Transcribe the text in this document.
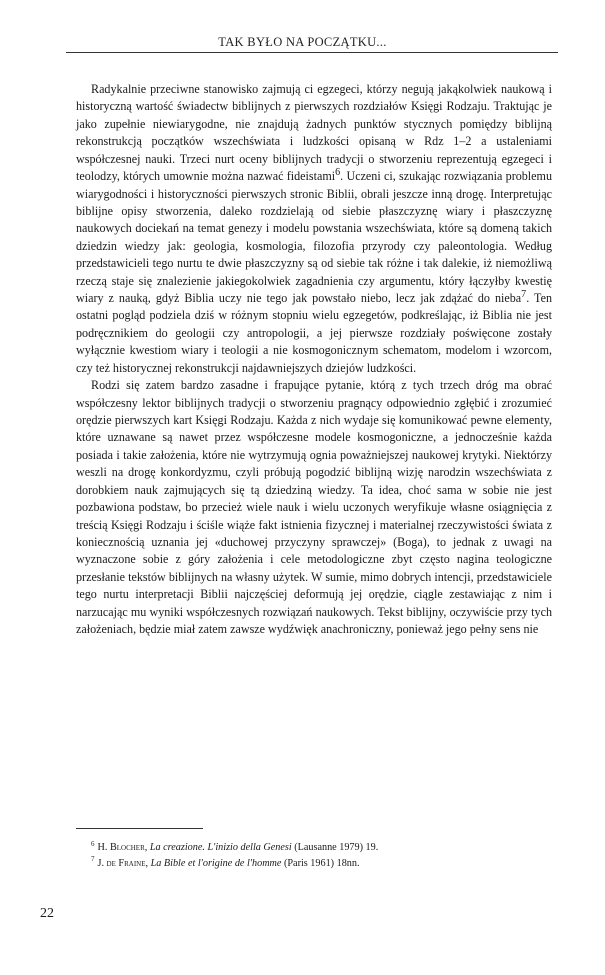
TAK BYŁO NA POCZĄTKU...

Radykalnie przeciwne stanowisko zajmują ci egzegeci, którzy negują jakąkolwiek naukową i historyczną wartość świadectw biblijnych z pierwszych rozdziałów Księgi Rodzaju. Traktując je jako zupełnie niewiarygodne, nie znajdują żadnych punktów stycznych pomiędzy biblijną rekonstrukcją początków wszechświata i ludzkości opisaną w Rdz 1–2 a ustaleniami współczesnej nauki. Trzeci nurt oceny biblijnych tradycji o stworzeniu reprezentują egzegeci i teolodzy, których umownie można nazwać fideistami$^6$. Uczeni ci, szukając rozwiązania problemu wiarygodności i historyczności pierwszych stronic Biblii, obrali jeszcze inną drogę. Interpretując biblijne opisy stworzenia, daleko rozdzielają od siebie płaszczyznę wiary i płaszczyznę naukowych dociekań na temat genezy i modelu powstania wszechświata, które są domeną takich dziedzin wiedzy jak: geologia, kosmologia, filozofia przyrody czy paleontologia. Według przedstawicieli tego nurtu te dwie płaszczyzny są od siebie tak różne i tak dalekie, iż niemożliwą rzeczą staje się znalezienie jakiegokolwiek zagadnienia czy argumentu, który łączyłby kwestię wiary z nauką, gdyż Biblia uczy nie tego jak powstało niebo, lecz jak zdążać do nieba$^7$. Ten ostatni pogląd podziela dziś w różnym stopniu wielu egzegetów, podkreślając, iż Biblia nie jest podręcznikiem do geologii czy antropologii, a jej pierwsze rozdziały poświęcone zostały wyłącznie kwestiom wiary i teologii a nie kosmogonicznym schematom, modelom i wzorcom, czy też historycznej rekonstrukcji najdawniejszych dziejów ludzkości.

Rodzi się zatem bardzo zasadne i frapujące pytanie, którą z tych trzech dróg ma obrać współczesny lektor biblijnych tradycji o stworzeniu pragnący odpowiednio zgłębić i zrozumieć orędzie pierwszych kart Księgi Rodzaju. Każda z nich wydaje się komunikować pewne elementy, które uznawane są nawet przez współczesne modele kosmogoniczne, a jednocześnie każda posiada i takie założenia, które nie wytrzymują ognia poważniejszej naukowej krytyki. Niektórzy weszli na drogę konkordyzmu, czyli próbują pogodzić biblijną wizję narodzin wszechświata z dorobkiem nauk zajmujących się tą dziedziną wiedzy. Ta idea, choć sama w sobie nie jest pozbawiona podstaw, bo przecież wiele nauk i wielu uczonych weryfikuje własne osiągnięcia z treścią Księgi Rodzaju i ściśle wiąże fakt istnienia fizycznej i materialnej rzeczywistości świata z koniecznością uznania jej «duchowej przyczyny sprawczej» (Boga), to jednak z uwagi na wyznaczone sobie z góry założenia i cele metodologiczne zbyt często nagina teologiczne przesłanie tekstów biblijnych na własny użytek. W sumie, mimo dobrych intencji, przedstawiciele tego nurtu interpretacji Biblii najczęściej deformują jej orędzie, ciągle zestawiając z nim i narzucając mu wyniki współczesnych rozwiązań naukowych. Tekst biblijny, oczywiście przy tych założeniach, będzie miał zatem zawsze wydźwięk anachroniczny, ponieważ jego pełny sens nie

$^6$ H. Blocher, La creazione. L'inizio della Genesi (Lausanne 1979) 19.

$^7$ J. de Fraine, La Bible et l'origine de l'homme (Paris 1961) 18nn.

22
